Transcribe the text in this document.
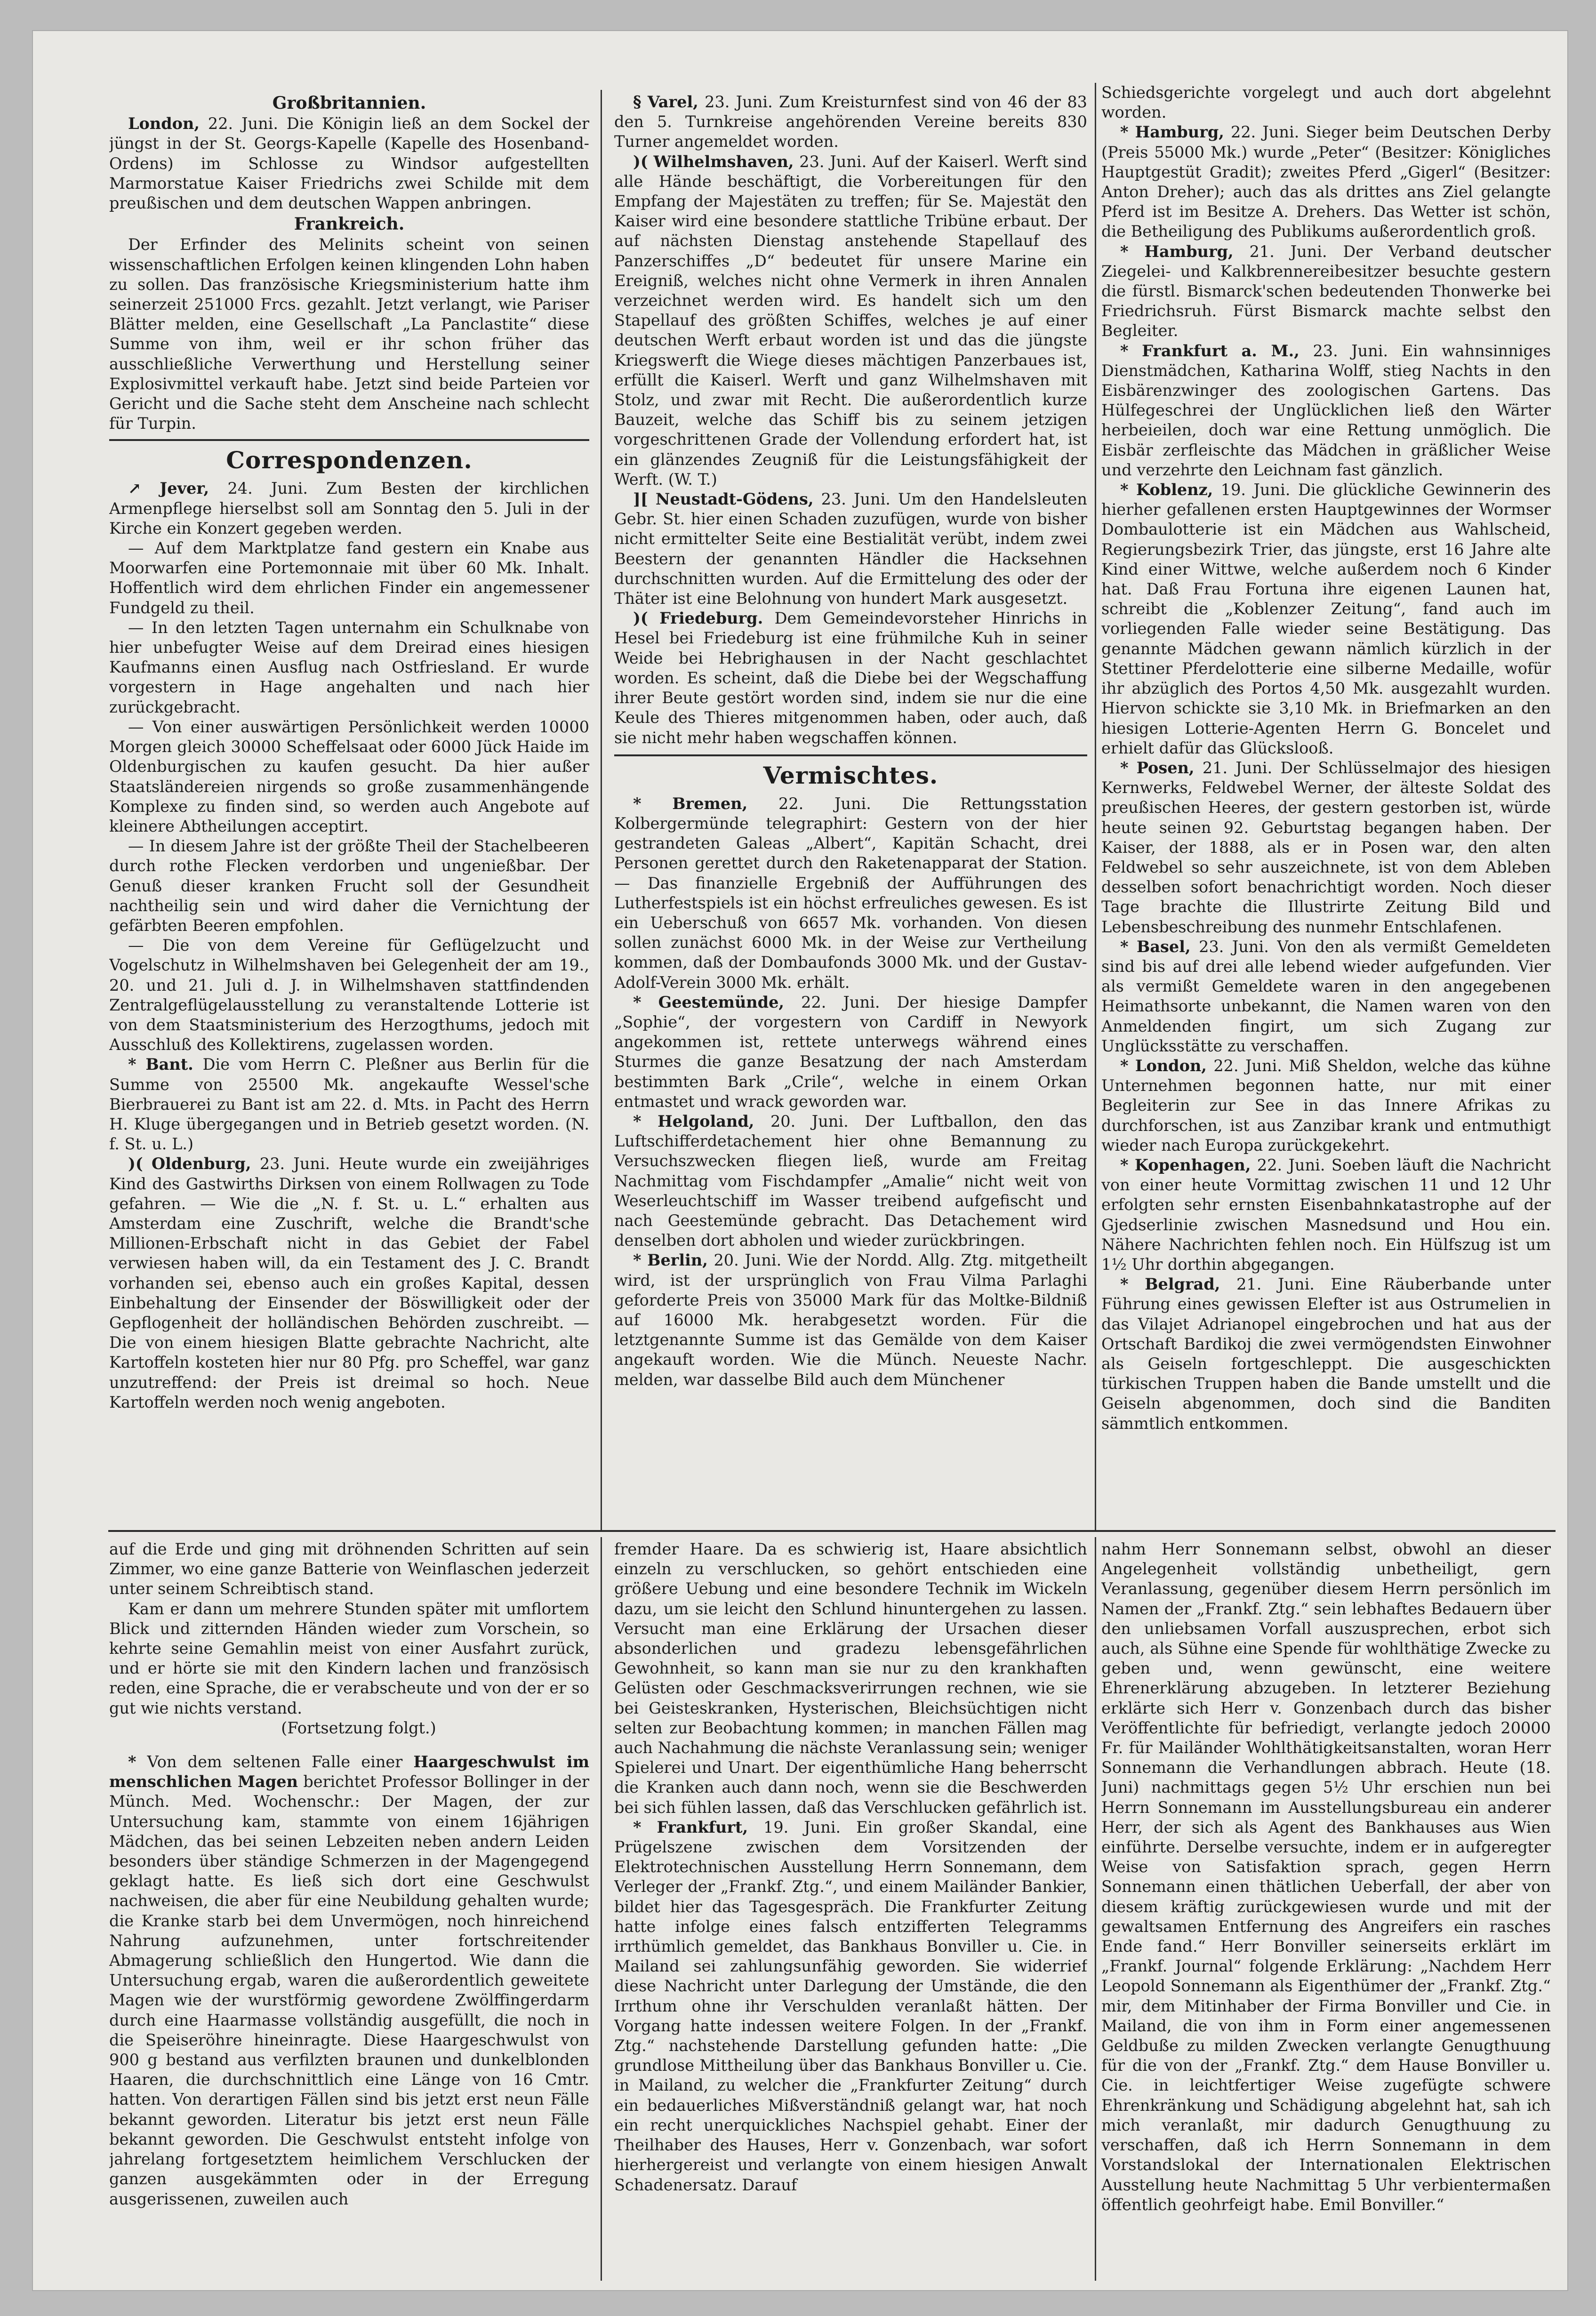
Großbritannien.

London, 22. Juni. Die Königin ließ an dem Sockel der jüngst in der St. Georgs-Kapelle (Kapelle des Hosenband-Ordens) im Schlosse zu Windsor aufgestellten Marmorstatue Kaiser Friedrichs zwei Schilde mit dem preußischen und dem deutschen Wappen anbringen.

Frankreich.

Der Erfinder des Melinits scheint von seinen wissenschaftlichen Erfolgen keinen klingenden Lohn haben zu sollen. Das französische Kriegsministerium hatte ihm seinerzeit 251000 Frcs. gezahlt. Jetzt verlangt, wie Pariser Blätter melden, eine Gesellschaft „La Panclastite“ diese Summe von ihm, weil er ihr schon früher das ausschließliche Verwerthung und Herstellung seiner Explosivmittel verkauft habe. Jetzt sind beide Parteien vor Gericht und die Sache steht dem Anscheine nach schlecht für Turpin.

Correspondenzen.

↗ Jever, 24. Juni. Zum Besten der kirchlichen Armenpflege hierselbst soll am Sonntag den 5. Juli in der Kirche ein Konzert gegeben werden.

— Auf dem Marktplatze fand gestern ein Knabe aus Moorwarfen eine Portemonnaie mit über 60 Mk. Inhalt. Hoffentlich wird dem ehrlichen Finder ein angemessener Fundgeld zu theil.

— In den letzten Tagen unternahm ein Schulknabe von hier unbefugter Weise auf dem Dreirad eines hiesigen Kaufmanns einen Ausflug nach Ostfriesland. Er wurde vorgestern in Hage angehalten und nach hier zurückgebracht.

— Von einer auswärtigen Persönlichkeit werden 10000 Morgen gleich 30000 Scheffelsaat oder 6000 Jück Haide im Oldenburgischen zu kaufen gesucht. Da hier außer Staatsländereien nirgends so große zusammenhängende Komplexe zu finden sind, so werden auch Angebote auf kleinere Abtheilungen acceptirt.

— In diesem Jahre ist der größte Theil der Stachelbeeren durch rothe Flecken verdorben und ungenießbar. Der Genuß dieser kranken Frucht soll der Gesundheit nachtheilig sein und wird daher die Vernichtung der gefärbten Beeren empfohlen.

— Die von dem Vereine für Geflügelzucht und Vogelschutz in Wilhelmshaven bei Gelegenheit der am 19., 20. und 21. Juli d. J. in Wilhelmshaven stattfindenden Zentralgeflügelausstellung zu veranstaltende Lotterie ist von dem Staatsministerium des Herzogthums, jedoch mit Ausschluß des Kollektirens, zugelassen worden.

* Bant. Die vom Herrn C. Pleßner aus Berlin für die Summe von 25500 Mk. angekaufte Wessel'sche Bierbrauerei zu Bant ist am 22. d. Mts. in Pacht des Herrn H. Kluge übergegangen und in Betrieb gesetzt worden. (N. f. St. u. L.)

)( Oldenburg, 23. Juni. Heute wurde ein zweijähriges Kind des Gastwirths Dirksen von einem Rollwagen zu Tode gefahren. — Wie die „N. f. St. u. L.“ erhalten aus Amsterdam eine Zuschrift, welche die Brandt'sche Millionen-Erbschaft nicht in das Gebiet der Fabel verwiesen haben will, da ein Testament des J. C. Brandt vorhanden sei, ebenso auch ein großes Kapital, dessen Einbehaltung der Einsender der Böswilligkeit oder der Gepflogenheit der holländischen Behörden zuschreibt. — Die von einem hiesigen Blatte gebrachte Nachricht, alte Kartoffeln kosteten hier nur 80 Pfg. pro Scheffel, war ganz unzutreffend: der Preis ist dreimal so hoch. Neue Kartoffeln werden noch wenig angeboten.

§ Varel, 23. Juni. Zum Kreisturnfest sind von 46 der 83 den 5. Turnkreise angehörenden Vereine bereits 830 Turner angemeldet worden.

)( Wilhelmshaven, 23. Juni. Auf der Kaiserl. Werft sind alle Hände beschäftigt, die Vorbereitungen für den Empfang der Majestäten zu treffen; für Se. Majestät den Kaiser wird eine besondere stattliche Tribüne erbaut. Der auf nächsten Dienstag anstehende Stapellauf des Panzerschiffes „D“ bedeutet für unsere Marine ein Ereigniß, welches nicht ohne Vermerk in ihren Annalen verzeichnet werden wird. Es handelt sich um den Stapellauf des größten Schiffes, welches je auf einer deutschen Werft erbaut worden ist und das die jüngste Kriegswerft die Wiege dieses mächtigen Panzerbaues ist, erfüllt die Kaiserl. Werft und ganz Wilhelmshaven mit Stolz, und zwar mit Recht. Die außerordentlich kurze Bauzeit, welche das Schiff bis zu seinem jetzigen vorgeschrittenen Grade der Vollendung erfordert hat, ist ein glänzendes Zeugniß für die Leistungsfähigkeit der Werft. (W. T.)

][ Neustadt-Gödens, 23. Juni. Um den Handelsleuten Gebr. St. hier einen Schaden zuzufügen, wurde von bisher nicht ermittelter Seite eine Bestialität verübt, indem zwei Beestern der genannten Händler die Hacksehnen durchschnitten wurden. Auf die Ermittelung des oder der Thäter ist eine Belohnung von hundert Mark ausgesetzt.

)( Friedeburg. Dem Gemeindevorsteher Hinrichs in Hesel bei Friedeburg ist eine frühmilche Kuh in seiner Weide bei Hebrighausen in der Nacht geschlachtet worden. Es scheint, daß die Diebe bei der Wegschaffung ihrer Beute gestört worden sind, indem sie nur die eine Keule des Thieres mitgenommen haben, oder auch, daß sie nicht mehr haben wegschaffen können.

Vermischtes.

* Bremen, 22. Juni. Die Rettungsstation Kolbergermünde telegraphirt: Gestern von der hier gestrandeten Galeas „Albert“, Kapitän Schacht, drei Personen gerettet durch den Raketenapparat der Station. — Das finanzielle Ergebniß der Aufführungen des Lutherfestspiels ist ein höchst erfreuliches gewesen. Es ist ein Ueberschuß von 6657 Mk. vorhanden. Von diesen sollen zunächst 6000 Mk. in der Weise zur Vertheilung kommen, daß der Dombaufonds 3000 Mk. und der Gustav-Adolf-Verein 3000 Mk. erhält.

* Geestemünde, 22. Juni. Der hiesige Dampfer „Sophie“, der vorgestern von Cardiff in Newyork angekommen ist, rettete unterwegs während eines Sturmes die ganze Besatzung der nach Amsterdam bestimmten Bark „Crile“, welche in einem Orkan entmastet und wrack geworden war.

* Helgoland, 20. Juni. Der Luftballon, den das Luftschifferdetachement hier ohne Bemannung zu Versuchszwecken fliegen ließ, wurde am Freitag Nachmittag vom Fischdampfer „Amalie“ nicht weit von Weserleuchtschiff im Wasser treibend aufgefischt und nach Geestemünde gebracht. Das Detachement wird denselben dort abholen und wieder zurückbringen.

* Berlin, 20. Juni. Wie der Nordd. Allg. Ztg. mitgetheilt wird, ist der ursprünglich von Frau Vilma Parlaghi geforderte Preis von 35000 Mark für das Moltke-Bildniß auf 16000 Mk. herabgesetzt worden. Für die letztgenannte Summe ist das Gemälde von dem Kaiser angekauft worden. Wie die Münch. Neueste Nachr. melden, war dasselbe Bild auch dem Münchener

Schiedsgerichte vorgelegt und auch dort abgelehnt worden.

* Hamburg, 22. Juni. Sieger beim Deutschen Derby (Preis 55000 Mk.) wurde „Peter“ (Besitzer: Königliches Hauptgestüt Gradit); zweites Pferd „Gigerl“ (Besitzer: Anton Dreher); auch das als drittes ans Ziel gelangte Pferd ist im Besitze A. Drehers. Das Wetter ist schön, die Betheiligung des Publikums außerordentlich groß.

* Hamburg, 21. Juni. Der Verband deutscher Ziegelei- und Kalkbrennereibesitzer besuchte gestern die fürstl. Bismarck'schen bedeutenden Thonwerke bei Friedrichsruh. Fürst Bismarck machte selbst den Begleiter.

* Frankfurt a. M., 23. Juni. Ein wahnsinniges Dienstmädchen, Katharina Wolff, stieg Nachts in den Eisbärenzwinger des zoologischen Gartens. Das Hülfegeschrei der Unglücklichen ließ den Wärter herbeieilen, doch war eine Rettung unmöglich. Die Eisbär zerfleischte das Mädchen in gräßlicher Weise und verzehrte den Leichnam fast gänzlich.

* Koblenz, 19. Juni. Die glückliche Gewinnerin des hierher gefallenen ersten Hauptgewinnes der Wormser Dombaulotterie ist ein Mädchen aus Wahlscheid, Regierungsbezirk Trier, das jüngste, erst 16 Jahre alte Kind einer Wittwe, welche außerdem noch 6 Kinder hat. Daß Frau Fortuna ihre eigenen Launen hat, schreibt die „Koblenzer Zeitung“, fand auch im vorliegenden Falle wieder seine Bestätigung. Das genannte Mädchen gewann nämlich kürzlich in der Stettiner Pferdelotterie eine silberne Medaille, wofür ihr abzüglich des Portos 4,50 Mk. ausgezahlt wurden. Hiervon schickte sie 3,10 Mk. in Briefmarken an den hiesigen Lotterie-Agenten Herrn G. Boncelet und erhielt dafür das Glückslooß.

* Posen, 21. Juni. Der Schlüsselmajor des hiesigen Kernwerks, Feldwebel Werner, der älteste Soldat des preußischen Heeres, der gestern gestorben ist, würde heute seinen 92. Geburtstag begangen haben. Der Kaiser, der 1888, als er in Posen war, den alten Feldwebel so sehr auszeichnete, ist von dem Ableben desselben sofort benachrichtigt worden. Noch dieser Tage brachte die Illustrirte Zeitung Bild und Lebensbeschreibung des nunmehr Entschlafenen.

* Basel, 23. Juni. Von den als vermißt Gemeldeten sind bis auf drei alle lebend wieder aufgefunden. Vier als vermißt Gemeldete waren in den angegebenen Heimathsorte unbekannt, die Namen waren von den Anmeldenden fingirt, um sich Zugang zur Unglücksstätte zu verschaffen.

* London, 22. Juni. Miß Sheldon, welche das kühne Unternehmen begonnen hatte, nur mit einer Begleiterin zur See in das Innere Afrikas zu durchforschen, ist aus Zanzibar krank und entmuthigt wieder nach Europa zurückgekehrt.

* Kopenhagen, 22. Juni. Soeben läuft die Nachricht von einer heute Vormittag zwischen 11 und 12 Uhr erfolgten sehr ernsten Eisenbahnkatastrophe auf der Gjedserlinie zwischen Masnedsund und Hou ein. Nähere Nachrichten fehlen noch. Ein Hülfszug ist um 1½ Uhr dorthin abgegangen.

* Belgrad, 21. Juni. Eine Räuberbande unter Führung eines gewissen Elefter ist aus Ostrumelien in das Vilajet Adrianopel eingebrochen und hat aus der Ortschaft Bardikoj die zwei vermögendsten Einwohner als Geiseln fortgeschleppt. Die ausgeschickten türkischen Truppen haben die Bande umstellt und die Geiseln abgenommen, doch sind die Banditen sämmtlich entkommen.

auf die Erde und ging mit dröhnenden Schritten auf sein Zimmer, wo eine ganze Batterie von Weinflaschen jederzeit unter seinem Schreibtisch stand.

Kam er dann um mehrere Stunden später mit umflortem Blick und zitternden Händen wieder zum Vorschein, so kehrte seine Gemahlin meist von einer Ausfahrt zurück, und er hörte sie mit den Kindern lachen und französisch reden, eine Sprache, die er verabscheute und von der er so gut wie nichts verstand.

(Fortsetzung folgt.)

* Von dem seltenen Falle einer Haargeschwulst im menschlichen Magen berichtet Professor Bollinger in der Münch. Med. Wochenschr.: Der Magen, der zur Untersuchung kam, stammte von einem 16jährigen Mädchen, das bei seinen Lebzeiten neben andern Leiden besonders über ständige Schmerzen in der Magengegend geklagt hatte. Es ließ sich dort eine Geschwulst nachweisen, die aber für eine Neubildung gehalten wurde; die Kranke starb bei dem Unvermögen, noch hinreichend Nahrung aufzunehmen, unter fortschreitender Abmagerung schließlich den Hungertod. Wie dann die Untersuchung ergab, waren die außerordentlich geweitete Magen wie der wurstförmig gewordene Zwölffingerdarm durch eine Haarmasse vollständig ausgefüllt, die noch in die Speiseröhre hineinragte. Diese Haargeschwulst von 900 g bestand aus verfilzten braunen und dunkelblonden Haaren, die durchschnittlich eine Länge von 16 Cmtr. hatten. Von derartigen Fällen sind bis jetzt erst neun Fälle bekannt geworden. Literatur bis jetzt erst neun Fälle bekannt geworden. Die Geschwulst entsteht infolge von jahrelang fortgesetztem heimlichem Verschlucken der ganzen ausgekämmten oder in der Erregung ausgerissenen, zuweilen auch

fremder Haare. Da es schwierig ist, Haare absichtlich einzeln zu verschlucken, so gehört entschieden eine größere Uebung und eine besondere Technik im Wickeln dazu, um sie leicht den Schlund hinuntergehen zu lassen. Versucht man eine Erklärung der Ursachen dieser absonderlichen und gradezu lebensgefährlichen Gewohnheit, so kann man sie nur zu den krankhaften Gelüsten oder Geschmacksverirrungen rechnen, wie sie bei Geisteskranken, Hysterischen, Bleichsüchtigen nicht selten zur Beobachtung kommen; in manchen Fällen mag auch Nachahmung die nächste Veranlassung sein; weniger Spielerei und Unart. Der eigenthümliche Hang beherrscht die Kranken auch dann noch, wenn sie die Beschwerden bei sich fühlen lassen, daß das Verschlucken gefährlich ist.

* Frankfurt, 19. Juni. Ein großer Skandal, eine Prügelszene zwischen dem Vorsitzenden der Elektrotechnischen Ausstellung Herrn Sonnemann, dem Verleger der „Frankf. Ztg.“, und einem Mailänder Bankier, bildet hier das Tagesgespräch. Die Frankfurter Zeitung hatte infolge eines falsch entzifferten Telegramms irrthümlich gemeldet, das Bankhaus Bonviller u. Cie. in Mailand sei zahlungsunfähig geworden. Sie widerrief diese Nachricht unter Darlegung der Umstände, die den Irrthum ohne ihr Verschulden veranlaßt hätten. Der Vorgang hatte indessen weitere Folgen. In der „Frankf. Ztg.“ nachstehende Darstellung gefunden hatte: „Die grundlose Mittheilung über das Bankhaus Bonviller u. Cie. in Mailand, zu welcher die „Frankfurter Zeitung“ durch ein bedauerliches Mißverständniß gelangt war, hat noch ein recht unerquickliches Nachspiel gehabt. Einer der Theilhaber des Hauses, Herr v. Gonzenbach, war sofort hierhergereist und verlangte von einem hiesigen Anwalt Schadenersatz. Darauf

nahm Herr Sonnemann selbst, obwohl an dieser Angelegenheit vollständig unbetheiligt, gern Veranlassung, gegenüber diesem Herrn persönlich im Namen der „Frankf. Ztg.“ sein lebhaftes Bedauern über den unliebsamen Vorfall auszusprechen, erbot sich auch, als Sühne eine Spende für wohlthätige Zwecke zu geben und, wenn gewünscht, eine weitere Ehrenerklärung abzugeben. In letzterer Beziehung erklärte sich Herr v. Gonzenbach durch das bisher Veröffentlichte für befriedigt, verlangte jedoch 20000 Fr. für Mailänder Wohlthätigkeitsanstalten, woran Herr Sonnemann die Verhandlungen abbrach. Heute (18. Juni) nachmittags gegen 5½ Uhr erschien nun bei Herrn Sonnemann im Ausstellungsbureau ein anderer Herr, der sich als Agent des Bankhauses aus Wien einführte. Derselbe versuchte, indem er in aufgeregter Weise von Satisfaktion sprach, gegen Herrn Sonnemann einen thätlichen Ueberfall, der aber von diesem kräftig zurückgewiesen wurde und mit der gewaltsamen Entfernung des Angreifers ein rasches Ende fand.“ Herr Bonviller seinerseits erklärt im „Frankf. Journal“ folgende Erklärung: „Nachdem Herr Leopold Sonnemann als Eigenthümer der „Frankf. Ztg.“ mir, dem Mitinhaber der Firma Bonviller und Cie. in Mailand, die von ihm in Form einer angemessenen Geldbuße zu milden Zwecken verlangte Genugthuung für die von der „Frankf. Ztg.“ dem Hause Bonviller u. Cie. in leichtfertiger Weise zugefügte schwere Ehrenkränkung und Schädigung abgelehnt hat, sah ich mich veranlaßt, mir dadurch Genugthuung zu verschaffen, daß ich Herrn Sonnemann in dem Vorstandslokal der Internationalen Elektrischen Ausstellung heute Nachmittag 5 Uhr verbientermaßen öffentlich geohrfeigt habe. Emil Bonviller.“
